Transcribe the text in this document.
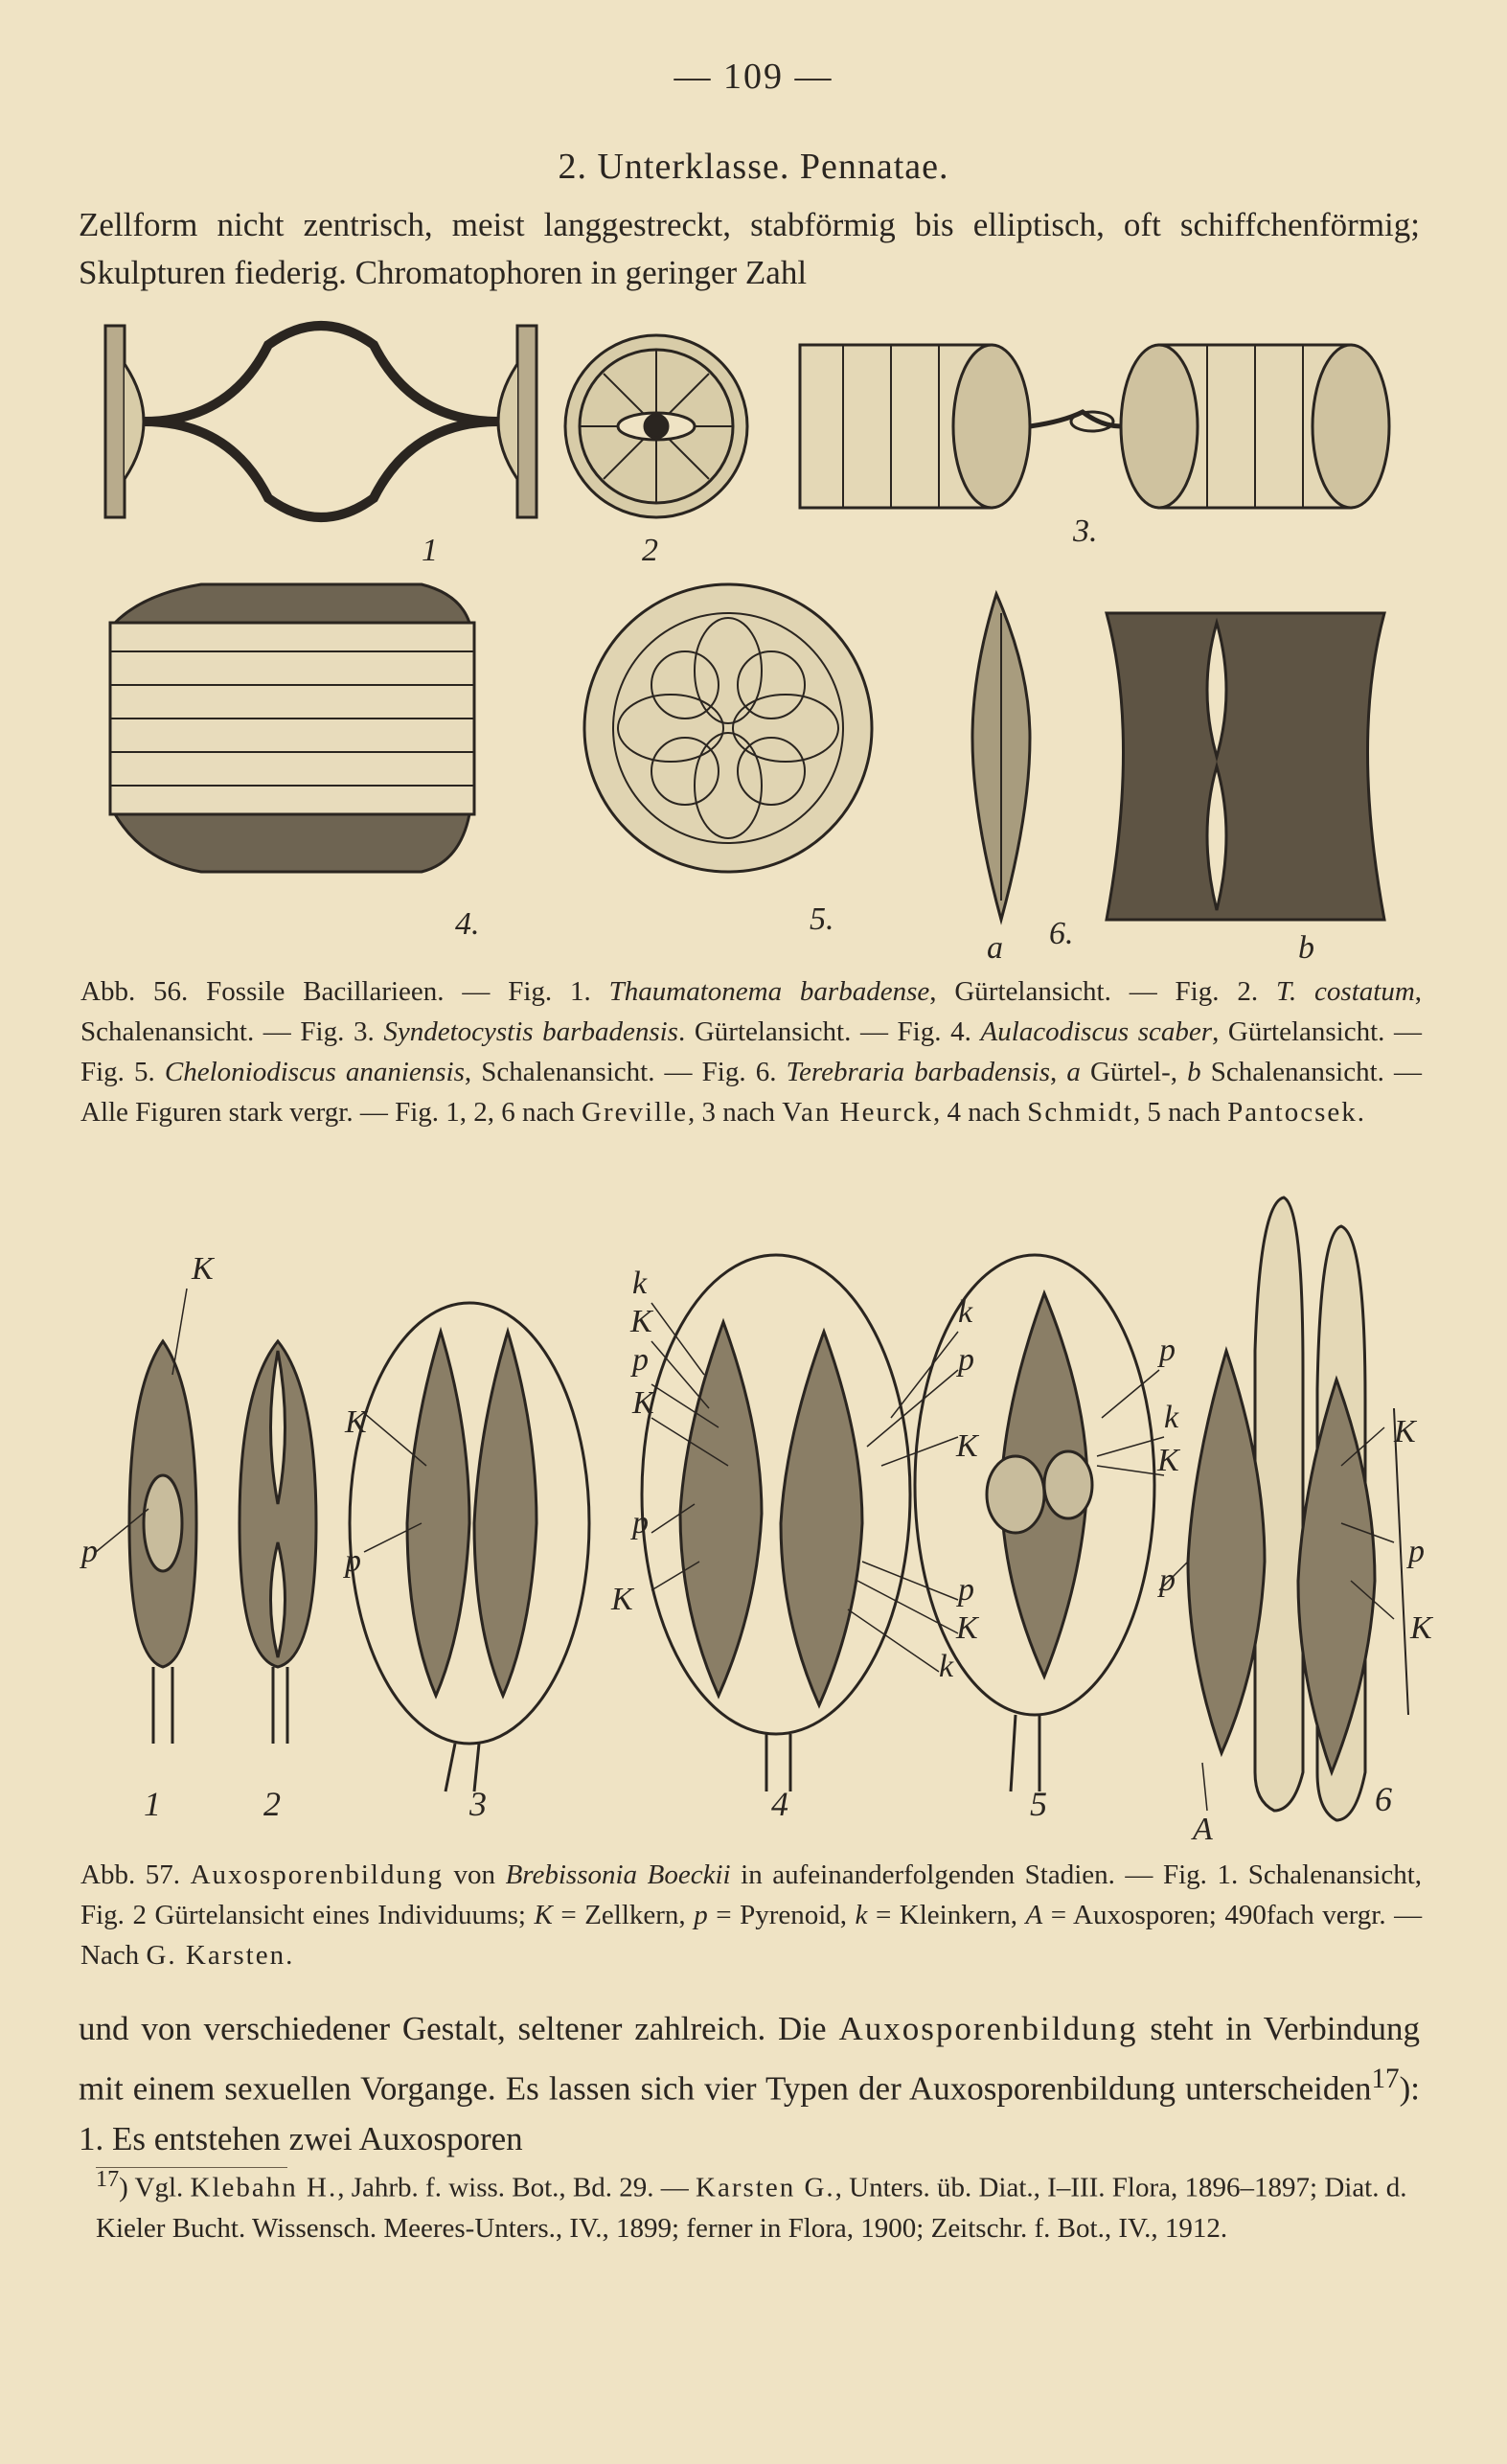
— 109 —
2. Unterklasse. Pennatae.
Zellform nicht zentrisch, meist langgestreckt, stabförmig bis elliptisch, oft schiffchenförmig; Skulpturen fiederig. Chromatophoren in geringer Zahl
1	2
3.
4.	5.
a 6.	b
Abb. 56. Fossile Bacillarieen. — Fig. 1. Thaumatonema barbadense, Gürtelansicht. — Fig. 2. T. costatum, Schalenansicht. — Fig. 3. Syndetocystis barbadensis. Gürtelansicht. — Fig. 4. Aulacodiscus scaber, Gürtelansicht. — Fig. 5. Cheloniodiscus ananiensis, Schalenansicht. — Fig. 6. Terebraria barbadensis, a Gürtel-, b Schalenansicht. — Alle Figuren stark vergr. — Fig. 1, 2, 6 nach Greville, 3 nach Van Heurck, 4 nach Schmidt, 5 nach Pantocsek.
K
p
K
p
k
K
p
K
p
K
k
p
K
p
K
k
p
k
K
p
K
p
K
A
1	2	3	4	5	6
Abb. 57. Auxosporenbildung von Brebissonia Boeckii in aufeinanderfolgenden Stadien. — Fig. 1. Schalenansicht, Fig. 2 Gürtelansicht eines Individuums; K = Zellkern, p = Pyrenoid, k = Kleinkern, A = Auxosporen; 490fach vergr. — Nach G. Karsten.
und von verschiedener Gestalt, seltener zahlreich. Die Auxosporenbildung steht in Verbindung mit einem sexuellen Vorgange. Es lassen sich vier Typen der Auxosporenbildung unterscheiden$^{17}$): 1. Es entstehen zwei Auxosporen
$^{17}$) Vgl. Klebahn H., Jahrb. f. wiss. Bot., Bd. 29. — Karsten G., Unters. üb. Diat., I–III. Flora, 1896–1897; Diat. d. Kieler Bucht. Wissensch. Meeres-Unters., IV., 1899; ferner in Flora, 1900; Zeitschr. f. Bot., IV., 1912.
